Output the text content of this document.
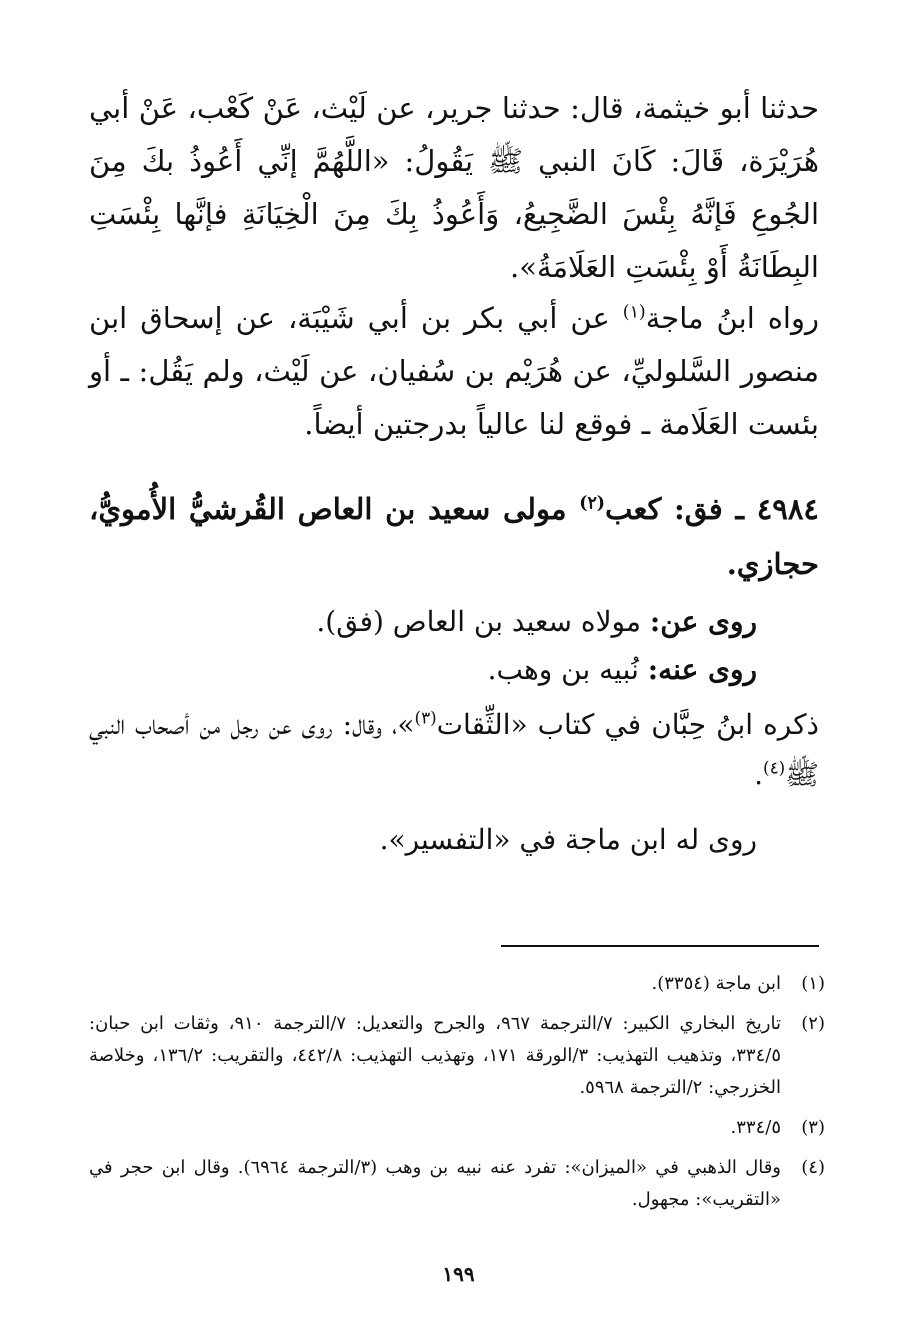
حدثنا أبو خيثمة، قال: حدثنا جرير، عن لَيْث، عَنْ كَعْب، عَنْ أبي هُرَيْرَة، قَالَ: كَانَ النبي ﷺ يَقُولُ: «اللَّهُمَّ إنِّي أَعُوذُ بكَ مِنَ الجُوعِ فَإنَّهُ بِئْسَ الضَّجِيعُ، وَأَعُوذُ بِكَ مِنَ الْخِيَانَةِ فإنَّها بِئْسَتِ البِطَانَةُ أَوْ بِئْسَتِ العَلَامَةُ».
رواه ابنُ ماجة$^{(١)}$ عن أبي بكر بن أبي شَيْبَة، عن إسحاق ابن منصور السَّلوليِّ، عن هُرَيْم بن سُفيان، عن لَيْث، ولم يَقُل: ـ أو بئست العَلَامة ـ فوقع لنا عالياً بدرجتين أيضاً.
٤٩٨٤ ـ فق: كعب$^{(٢)}$ مولى سعيد بن العاص القُرشيُّ الأُمويُّ، حجازي.
روى عن: مولاه سعيد بن العاص (فق).
روى عنه: نُبيه بن وهب.
ذكره ابنُ حِبَّان في كتاب «الثِّقات$^{(٣)}$»، وقال: روى عن رجل من أصحاب النبي ﷺ$^{(٤)}$.
روى له ابن ماجة في «التفسير».
(١)
ابن ماجة (٣٣٥٤).
(٢)
تاريخ البخاري الكبير: ٧/الترجمة ٩٦٧، والجرح والتعديل: ٧/الترجمة ٩١٠، وثقات ابن حبان: ٣٣٤/٥، وتذهيب التهذيب: ٣/الورقة ١٧١، وتهذيب التهذيب: ٤٤٢/٨، والتقريب: ١٣٦/٢، وخلاصة الخزرجي: ٢/الترجمة ٥٩٦٨.
(٣)
٣٣٤/٥.
(٤)
وقال الذهبي في «الميزان»: تفرد عنه نبيه بن وهب (٣/الترجمة ٦٩٦٤). وقال ابن حجر في «التقريب»: مجهول.
١٩٩
